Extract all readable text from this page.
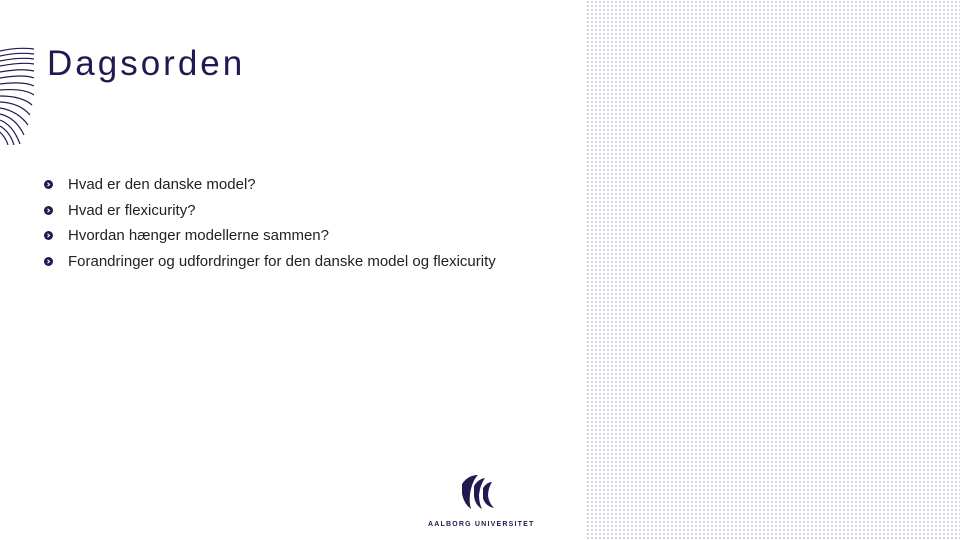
Dagsorden
Hvad er den danske model?
Hvad er flexicurity?
Hvordan hænger modellerne sammen?
Forandringer og udfordringer for den danske model og flexicurity
AALBORG UNIVERSITET
